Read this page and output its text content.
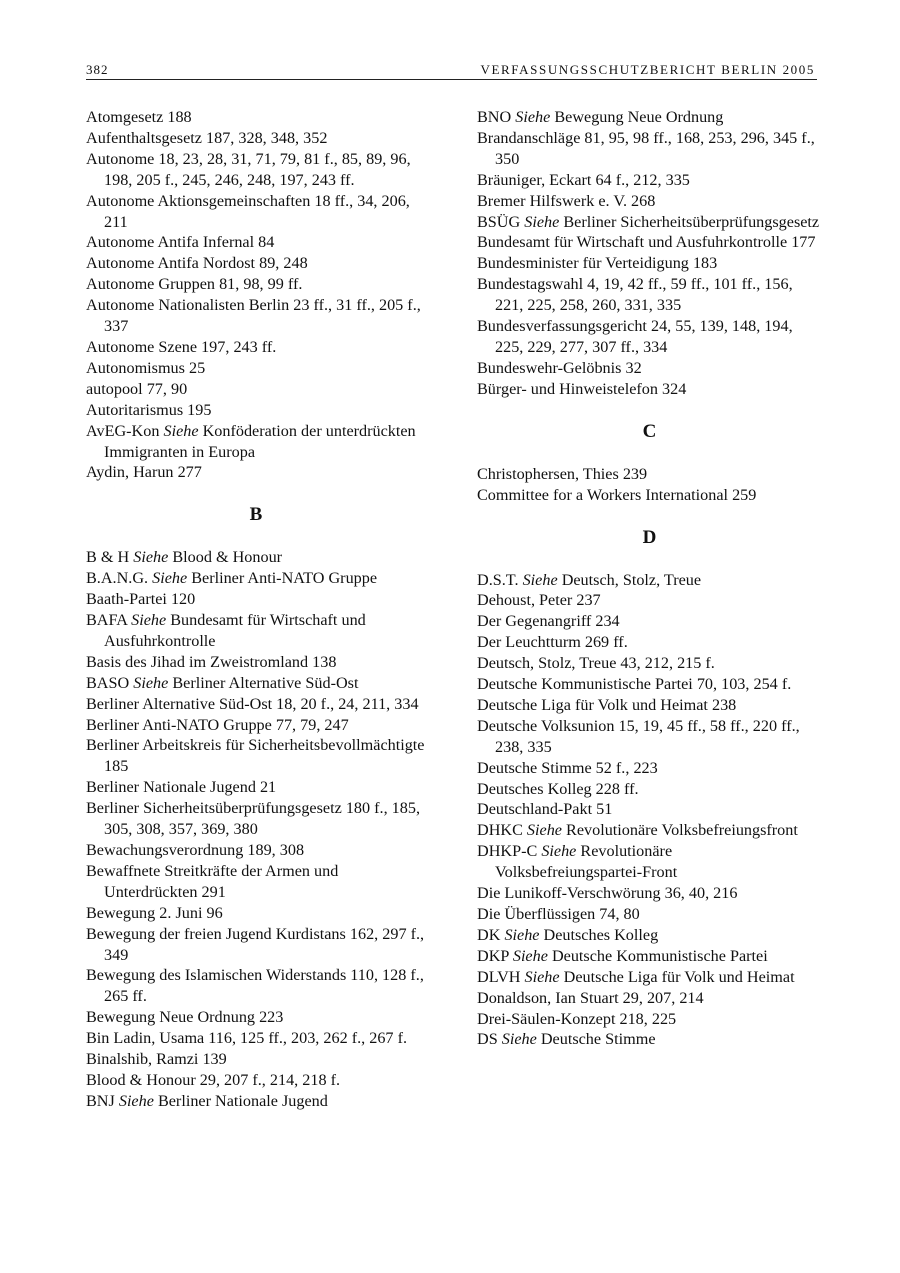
382	VERFASSUNGSSCHUTZBERICHT BERLIN 2005
Atomgesetz 188
Aufenthaltsgesetz 187, 328, 348, 352
Autonome 18, 23, 28, 31, 71, 79, 81 f., 85, 89, 96, 198, 205 f., 245, 246, 248, 197, 243 ff.
Autonome Aktionsgemeinschaften 18 ff., 34, 206, 211
Autonome Antifa Infernal 84
Autonome Antifa Nordost 89, 248
Autonome Gruppen 81, 98, 99 ff.
Autonome Nationalisten Berlin 23 ff., 31 ff., 205 f., 337
Autonome Szene 197, 243 ff.
Autonomismus 25
autopool 77, 90
Autoritarismus 195
AvEG-Kon Siehe Konföderation der unterdrückten Immigranten in Europa
Aydin, Harun 277
B
B & H Siehe Blood & Honour
B.A.N.G. Siehe Berliner Anti-NATO Gruppe
Baath-Partei 120
BAFA Siehe Bundesamt für Wirtschaft und Ausfuhrkontrolle
Basis des Jihad im Zweistromland 138
BASO Siehe Berliner Alternative Süd-Ost
Berliner Alternative Süd-Ost 18, 20 f., 24, 211, 334
Berliner Anti-NATO Gruppe 77, 79, 247
Berliner Arbeitskreis für Sicherheitsbevollmächtigte 185
Berliner Nationale Jugend 21
Berliner Sicherheitsüberprüfungsgesetz 180 f., 185, 305, 308, 357, 369, 380
Bewachungsverordnung 189, 308
Bewaffnete Streitkräfte der Armen und Unterdrückten 291
Bewegung 2. Juni 96
Bewegung der freien Jugend Kurdistans 162, 297 f., 349
Bewegung des Islamischen Widerstands 110, 128 f., 265 ff.
Bewegung Neue Ordnung 223
Bin Ladin, Usama 116, 125 ff., 203, 262 f., 267 f.
Binalshib, Ramzi 139
Blood & Honour 29, 207 f., 214, 218 f.
BNJ Siehe Berliner Nationale Jugend
BNO Siehe Bewegung Neue Ordnung
Brandanschläge 81, 95, 98 ff., 168, 253, 296, 345 f., 350
Bräuniger, Eckart 64 f., 212, 335
Bremer Hilfswerk e. V. 268
BSÜG Siehe Berliner Sicherheitsüberprüfungsgesetz
Bundesamt für Wirtschaft und Ausfuhrkontrolle 177
Bundesminister für Verteidigung 183
Bundestagswahl 4, 19, 42 ff., 59 ff., 101 ff., 156, 221, 225, 258, 260, 331, 335
Bundesverfassungsgericht 24, 55, 139, 148, 194, 225, 229, 277, 307 ff., 334
Bundeswehr-Gelöbnis 32
Bürger- und Hinweistelefon 324
C
Christophersen, Thies 239
Committee for a Workers International 259
D
D.S.T. Siehe Deutsch, Stolz, Treue
Dehoust, Peter 237
Der Gegenangriff 234
Der Leuchtturm 269 ff.
Deutsch, Stolz, Treue 43, 212, 215 f.
Deutsche Kommunistische Partei 70, 103, 254 f.
Deutsche Liga für Volk und Heimat 238
Deutsche Volksunion 15, 19, 45 ff., 58 ff., 220 ff., 238, 335
Deutsche Stimme 52 f., 223
Deutsches Kolleg 228 ff.
Deutschland-Pakt 51
DHKC Siehe Revolutionäre Volksbefreiungsfront
DHKP-C Siehe Revolutionäre Volksbefreiungspartei-Front
Die Lunikoff-Verschwörung 36, 40, 216
Die Überflüssigen 74, 80
DK Siehe Deutsches Kolleg
DKP Siehe Deutsche Kommunistische Partei
DLVH Siehe Deutsche Liga für Volk und Heimat
Donaldson, Ian Stuart 29, 207, 214
Drei-Säulen-Konzept 218, 225
DS Siehe Deutsche Stimme
